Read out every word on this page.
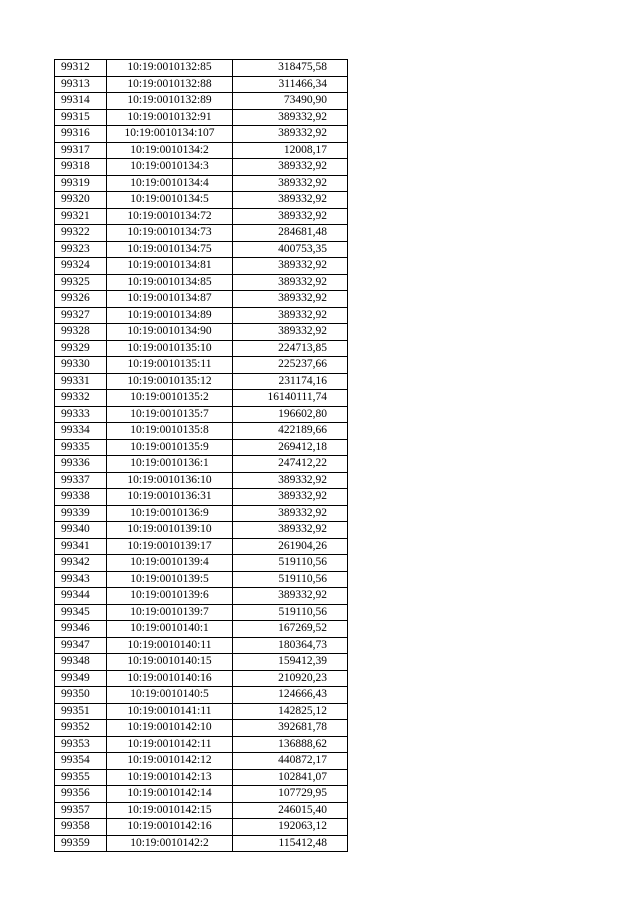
99312	10:19:0010132:85	318475,58
99313	10:19:0010132:88	311466,34
99314	10:19:0010132:89	73490,90
99315	10:19:0010132:91	389332,92
99316	10:19:0010134:107	389332,92
99317	10:19:0010134:2	12008,17
99318	10:19:0010134:3	389332,92
99319	10:19:0010134:4	389332,92
99320	10:19:0010134:5	389332,92
99321	10:19:0010134:72	389332,92
99322	10:19:0010134:73	284681,48
99323	10:19:0010134:75	400753,35
99324	10:19:0010134:81	389332,92
99325	10:19:0010134:85	389332,92
99326	10:19:0010134:87	389332,92
99327	10:19:0010134:89	389332,92
99328	10:19:0010134:90	389332,92
99329	10:19:0010135:10	224713,85
99330	10:19:0010135:11	225237,66
99331	10:19:0010135:12	231174,16
99332	10:19:0010135:2	16140111,74
99333	10:19:0010135:7	196602,80
99334	10:19:0010135:8	422189,66
99335	10:19:0010135:9	269412,18
99336	10:19:0010136:1	247412,22
99337	10:19:0010136:10	389332,92
99338	10:19:0010136:31	389332,92
99339	10:19:0010136:9	389332,92
99340	10:19:0010139:10	389332,92
99341	10:19:0010139:17	261904,26
99342	10:19:0010139:4	519110,56
99343	10:19:0010139:5	519110,56
99344	10:19:0010139:6	389332,92
99345	10:19:0010139:7	519110,56
99346	10:19:0010140:1	167269,52
99347	10:19:0010140:11	180364,73
99348	10:19:0010140:15	159412,39
99349	10:19:0010140:16	210920,23
99350	10:19:0010140:5	124666,43
99351	10:19:0010141:11	142825,12
99352	10:19:0010142:10	392681,78
99353	10:19:0010142:11	136888,62
99354	10:19:0010142:12	440872,17
99355	10:19:0010142:13	102841,07
99356	10:19:0010142:14	107729,95
99357	10:19:0010142:15	246015,40
99358	10:19:0010142:16	192063,12
99359	10:19:0010142:2	115412,48
